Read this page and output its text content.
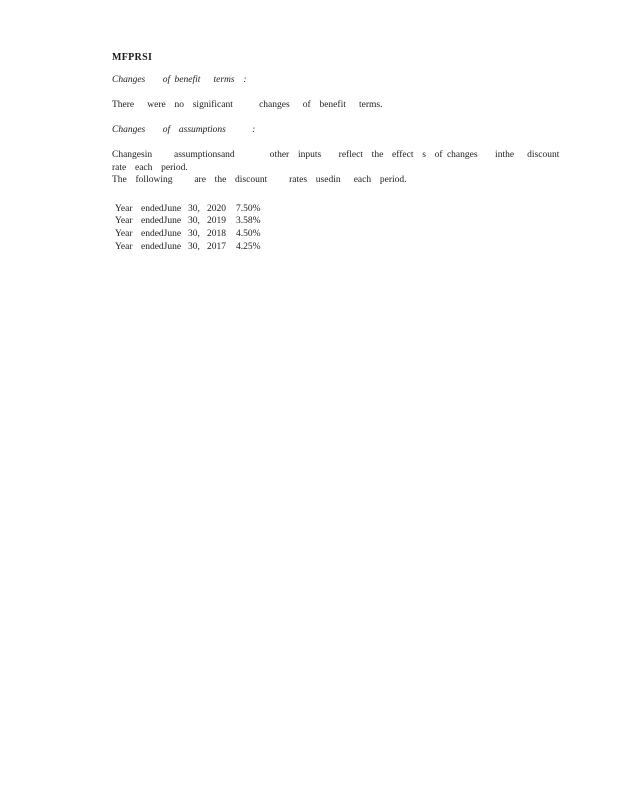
MFPRSI
Changes    of benefit   terms  :
There   were  no  significant      changes   of  benefit   terms.
Changes    of  assumptions      :
Changesin     assumptionsand        other  inputs    reflect  the  effect  s  of changes    inthe   discount    rate  each  period.
The  following     are  the  discount     rates  usedin   each  period.
Year endedJune 30, 2020	7.50%
Year endedJune 30, 2019	3.58%
Year endedJune 30, 2018	4.50%
Year endedJune 30, 2017	4.25%
